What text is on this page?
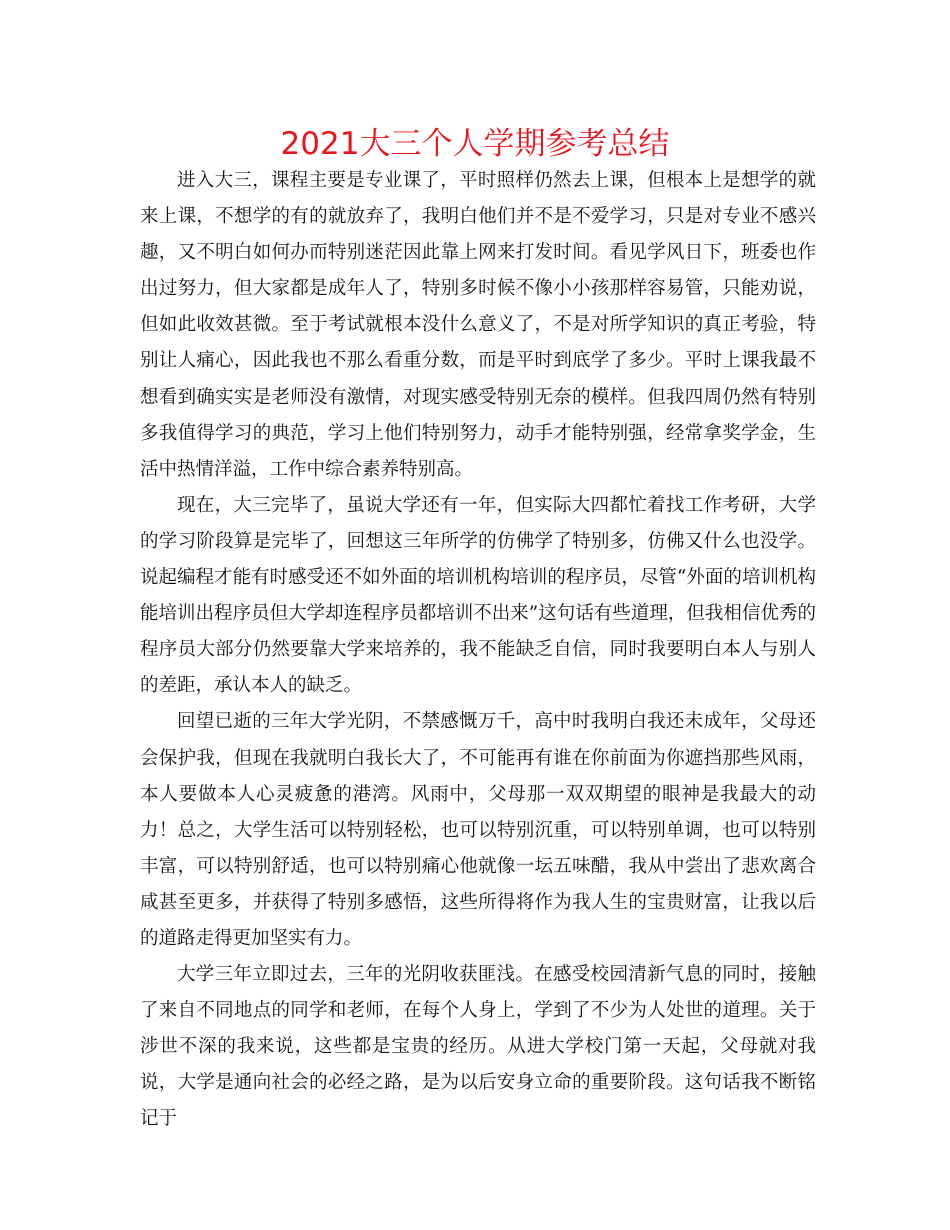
2021大三个人学期参考总结

进入大三，课程主要是专业课了，平时照样仍然去上课，但根本上是想学的就来上课，不想学的有的就放弃了，我明白他们并不是不爱学习，只是对专业不感兴趣，又不明白如何办而特别迷茫因此靠上网来打发时间。看见学风日下，班委也作出过努力，但大家都是成年人了，特别多时候不像小小孩那样容易管，只能劝说，但如此收效甚微。至于考试就根本没什么意义了，不是对所学知识的真正考验，特别让人痛心，因此我也不那么看重分数，而是平时到底学了多少。平时上课我最不想看到确实实是老师没有激情，对现实感受特别无奈的模样。但我四周仍然有特别多我值得学习的典范，学习上他们特别努力，动手才能特别强，经常拿奖学金，生活中热情洋溢，工作中综合素养特别高。

现在，大三完毕了，虽说大学还有一年，但实际大四都忙着找工作考研，大学的学习阶段算是完毕了，回想这三年所学的仿佛学了特别多，仿佛又什么也没学。说起编程才能有时感受还不如外面的培训机构培训的程序员，尽管“外面的培训机构能培训出程序员但大学却连程序员都培训不出来”这句话有些道理，但我相信优秀的程序员大部分仍然要靠大学来培养的，我不能缺乏自信，同时我要明白本人与别人的差距，承认本人的缺乏。

回望已逝的三年大学光阴，不禁感慨万千，高中时我明白我还未成年，父母还会保护我，但现在我就明白我长大了，不可能再有谁在你前面为你遮挡那些风雨，本人要做本人心灵疲惫的港湾。风雨中，父母那一双双期望的眼神是我最大的动力！总之，大学生活可以特别轻松，也可以特别沉重，可以特别单调，也可以特别丰富，可以特别舒适，也可以特别痛心他就像一坛五味醋，我从中尝出了悲欢离合咸甚至更多，并获得了特别多感悟，这些所得将作为我人生的宝贵财富，让我以后的道路走得更加坚实有力。

大学三年立即过去，三年的光阴收获匪浅。在感受校园清新气息的同时，接触了来自不同地点的同学和老师，在每个人身上，学到了不少为人处世的道理。关于涉世不深的我来说，这些都是宝贵的经历。从进大学校门第一天起，父母就对我说，大学是通向社会的必经之路，是为以后安身立命的重要阶段。这句话我不断铭记于
